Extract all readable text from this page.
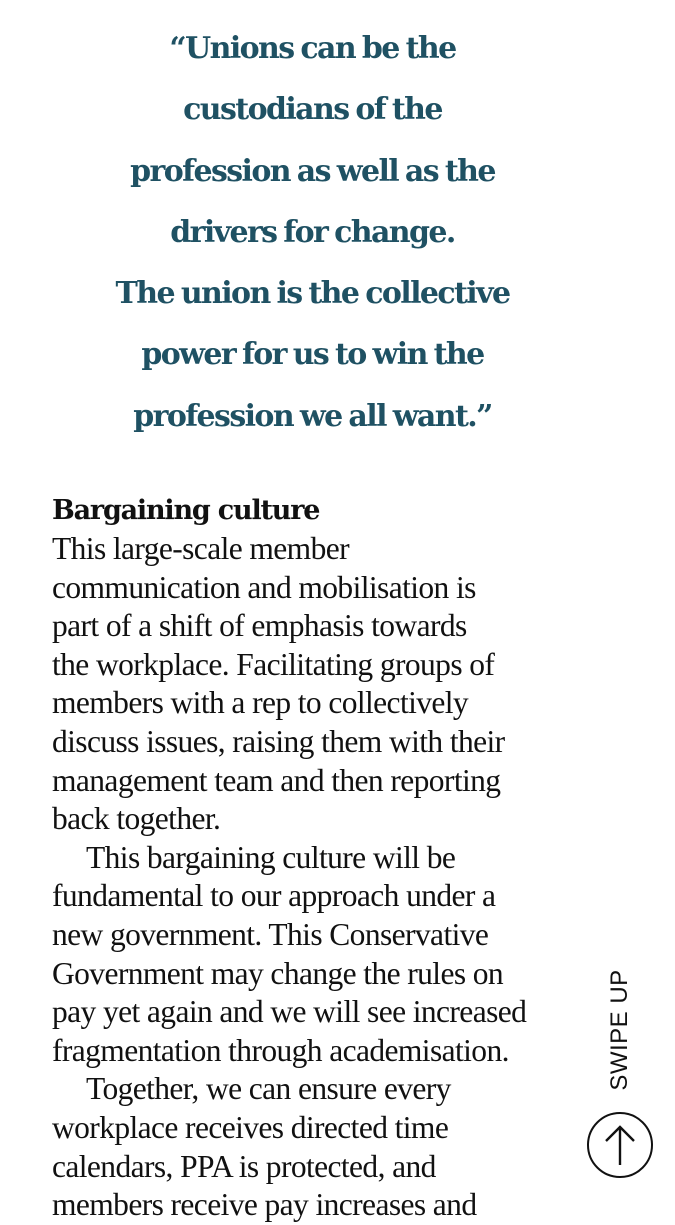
“Unions can be the
custodians of the
profession as well as the
drivers for change.
The union is the collective
power for us to win the
profession we all want.”
Bargaining culture

This large-scale member
communication and mobilisation is
part of a shift of emphasis towards
the workplace. Facilitating groups of
members with a rep to collectively
discuss issues, raising them with their
management team and then reporting
back together.

This bargaining culture will be
fundamental to our approach under a
new government. This Conservative
Government may change the rules on
pay yet again and we will see increased
fragmentation through academisation.

Together, we can ensure every
workplace receives directed time
calendars, PPA is protected, and
members receive pay increases and

SWIPE UP
